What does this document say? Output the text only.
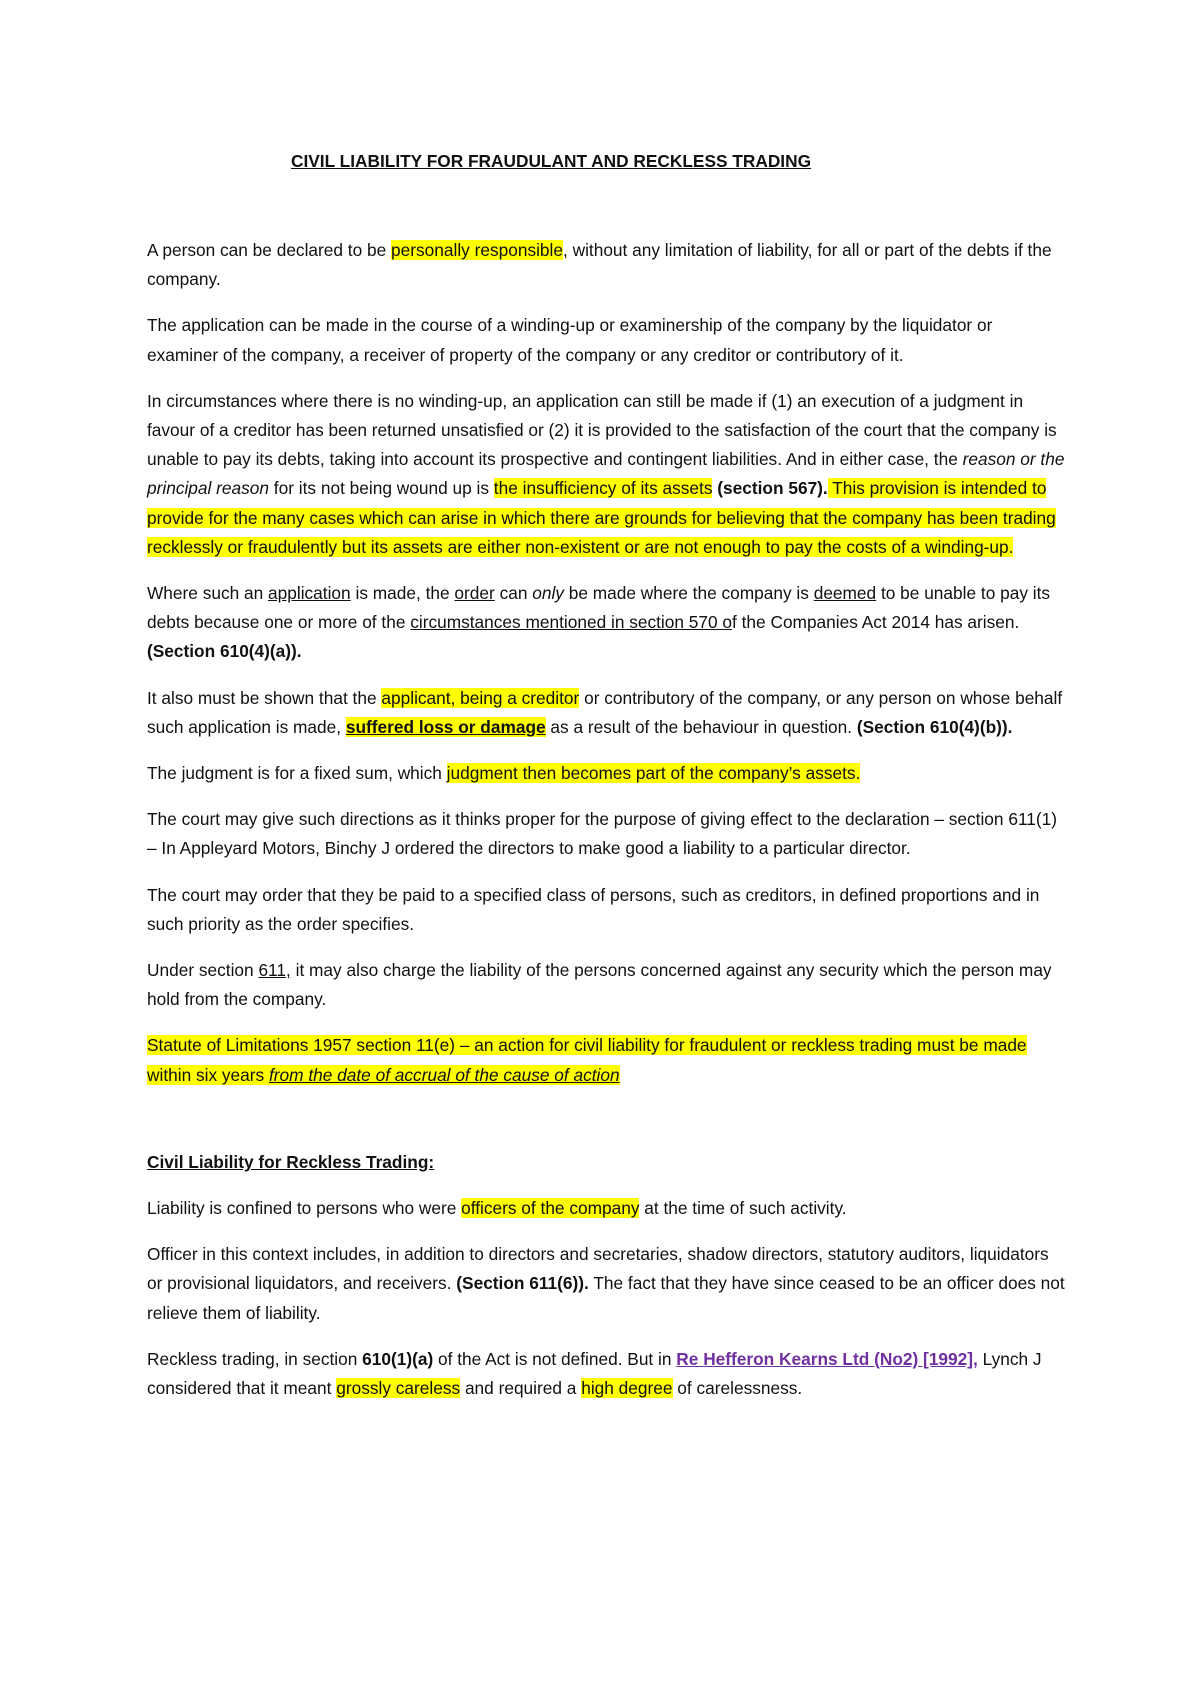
CIVIL LIABILITY FOR FRAUDULANT AND RECKLESS TRADING

A person can be declared to be personally responsible, without any limitation of liability, for all or part of the debts if the company.

The application can be made in the course of a winding-up or examinership of the company by the liquidator or examiner of the company, a receiver of property of the company or any creditor or contributory of it.

In circumstances where there is no winding-up, an application can still be made if (1) an execution of a judgment in favour of a creditor has been returned unsatisfied or (2) it is provided to the satisfaction of the court that the company is unable to pay its debts, taking into account its prospective and contingent liabilities. And in either case, the reason or the principal reason for its not being wound up is the insufficiency of its assets (section 567). This provision is intended to provide for the many cases which can arise in which there are grounds for believing that the company has been trading recklessly or fraudulently but its assets are either non-existent or are not enough to pay the costs of a winding-up.

Where such an application is made, the order can only be made where the company is deemed to be unable to pay its debts because one or more of the circumstances mentioned in section 570 of the Companies Act 2014 has arisen. (Section 610(4)(a)).

It also must be shown that the applicant, being a creditor or contributory of the company, or any person on whose behalf such application is made, suffered loss or damage as a result of the behaviour in question. (Section 610(4)(b)).

The judgment is for a fixed sum, which judgment then becomes part of the company’s assets.

The court may give such directions as it thinks proper for the purpose of giving effect to the declaration – section 611(1) – In Appleyard Motors, Binchy J ordered the directors to make good a liability to a particular director.

The court may order that they be paid to a specified class of persons, such as creditors, in defined proportions and in such priority as the order specifies.

Under section 611, it may also charge the liability of the persons concerned against any security which the person may hold from the company.

Statute of Limitations 1957 section 11(e) – an action for civil liability for fraudulent or reckless trading must be made within six years from the date of accrual of the cause of action

Civil Liability for Reckless Trading:

Liability is confined to persons who were officers of the company at the time of such activity.

Officer in this context includes, in addition to directors and secretaries, shadow directors, statutory auditors, liquidators or provisional liquidators, and receivers. (Section 611(6)). The fact that they have since ceased to be an officer does not relieve them of liability.

Reckless trading, in section 610(1)(a) of the Act is not defined. But in Re Hefferon Kearns Ltd (No2) [1992], Lynch J considered that it meant grossly careless and required a high degree of carelessness.
